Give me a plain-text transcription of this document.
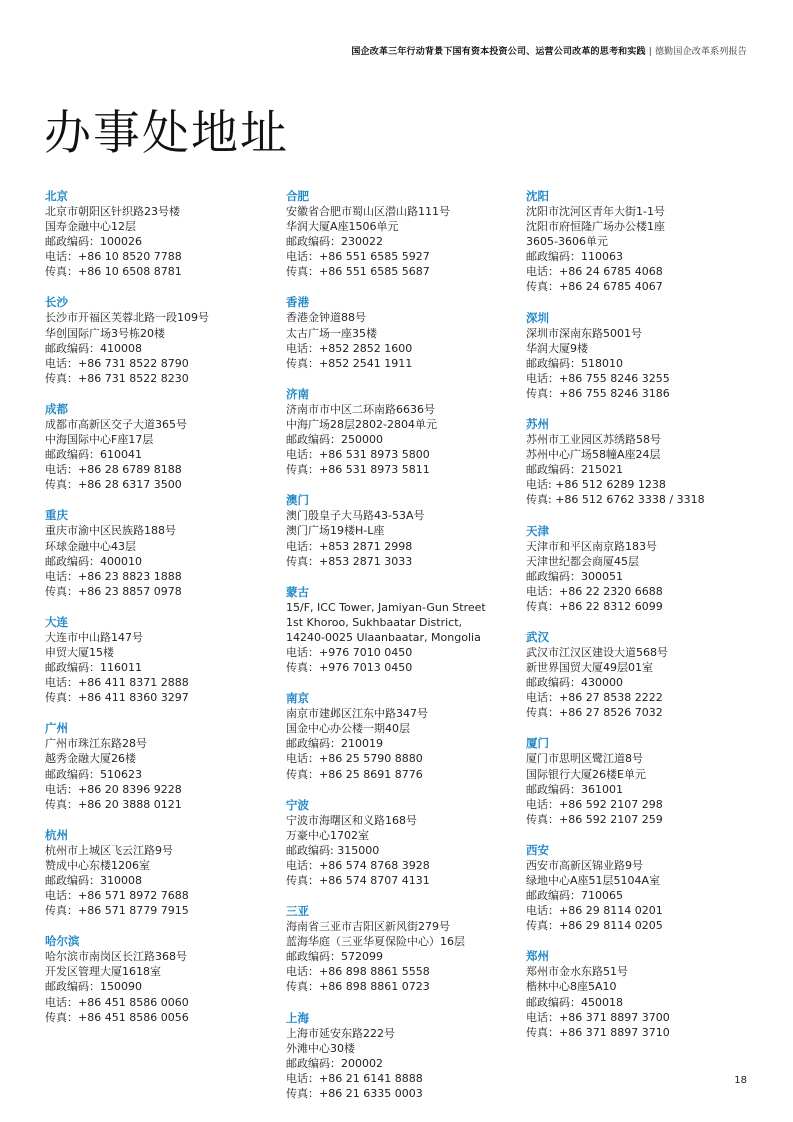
国企改革三年行动背景下国有资本投资公司、运营公司改革的思考和实践 | 德勤国企改革系列报告
办事处地址
北京
北京市朝阳区针织路23号楼
国寿金融中心12层
邮政编码：100026
电话：+86 10 8520 7788
传真：+86 10 6508 8781
长沙
长沙市开福区芙蓉北路一段109号
华创国际广场3号栋20楼
邮政编码：410008
电话：+86 731 8522 8790
传真：+86 731 8522 8230
成都
成都市高新区交子大道365号
中海国际中心F座17层
邮政编码：610041
电话：+86 28 6789 8188
传真：+86 28 6317 3500
重庆
重庆市渝中区民族路188号
环球金融中心43层
邮政编码：400010
电话：+86 23 8823 1888
传真：+86 23 8857 0978
大连
大连市中山路147号
申贸大厦15楼
邮政编码：116011
电话：+86 411 8371 2888
传真：+86 411 8360 3297
广州
广州市珠江东路28号
越秀金融大厦26楼
邮政编码：510623
电话：+86 20 8396 9228
传真：+86 20 3888 0121
杭州
杭州市上城区飞云江路9号
赞成中心东楼1206室
邮政编码：310008
电话：+86 571 8972 7688
传真：+86 571 8779 7915
哈尔滨
哈尔滨市南岗区长江路368号
开发区管理大厦1618室
邮政编码：150090
电话：+86 451 8586 0060
传真：+86 451 8586 0056
合肥
安徽省合肥市蜀山区潜山路111号
华润大厦A座1506单元
邮政编码：230022
电话：+86 551 6585 5927
传真：+86 551 6585 5687
香港
香港金钟道88号
太古广场一座35楼
电话：+852 2852 1600
传真：+852 2541 1911
济南
济南市市中区二环南路6636号
中海广场28层2802-2804单元
邮政编码：250000
电话：+86 531 8973 5800
传真：+86 531 8973 5811
澳门
澳门殷皇子大马路43-53A号
澳门广场19楼H-L座
电话：+853 2871 2998
传真：+853 2871 3033
蒙古
15/F, ICC Tower, Jamiyan-Gun Street
1st Khoroo, Sukhbaatar District,
14240-0025 Ulaanbaatar, Mongolia
电话：+976 7010 0450
传真：+976 7013 0450
南京
南京市建邺区江东中路347号
国金中心办公楼一期40层
邮政编码：210019
电话：+86 25 5790 8880
传真：+86 25 8691 8776
宁波
宁波市海曙区和义路168号
万豪中心1702室
邮政编码: 315000
电话：+86 574 8768 3928
传真：+86 574 8707 4131
三亚
海南省三亚市吉阳区新风街279号
蓝海华庭（三亚华夏保险中心）16层
邮政编码：572099
电话：+86 898 8861 5558
传真：+86 898 8861 0723
上海
上海市延安东路222号
外滩中心30楼
邮政编码：200002
电话：+86 21 6141 8888
传真：+86 21 6335 0003
沈阳
沈阳市沈河区青年大街1-1号
沈阳市府恒隆广场办公楼1座
3605-3606单元
邮政编码：110063
电话：+86 24 6785 4068
传真：+86 24 6785 4067
深圳
深圳市深南东路5001号
华润大厦9楼
邮政编码：518010
电话：+86 755 8246 3255
传真：+86 755 8246 3186
苏州
苏州市工业园区苏绣路58号
苏州中心广场58幢A座24层
邮政编码：215021
电话: +86 512 6289 1238
传真: +86 512 6762 3338 / 3318
天津
天津市和平区南京路183号
天津世纪都会商厦45层
邮政编码：300051
电话：+86 22 2320 6688
传真：+86 22 8312 6099
武汉
武汉市江汉区建设大道568号
新世界国贸大厦49层01室
邮政编码：430000
电话：+86 27 8538 2222
传真：+86 27 8526 7032
厦门
厦门市思明区鹭江道8号
国际银行大厦26楼E单元
邮政编码：361001
电话：+86 592 2107 298
传真：+86 592 2107 259
西安
西安市高新区锦业路9号
绿地中心A座51层5104A室
邮政编码：710065
电话：+86 29 8114 0201
传真：+86 29 8114 0205
郑州
郑州市金水东路51号
楷林中心8座5A10
邮政编码：450018
电话：+86 371 8897 3700
传真：+86 371 8897 3710
18
